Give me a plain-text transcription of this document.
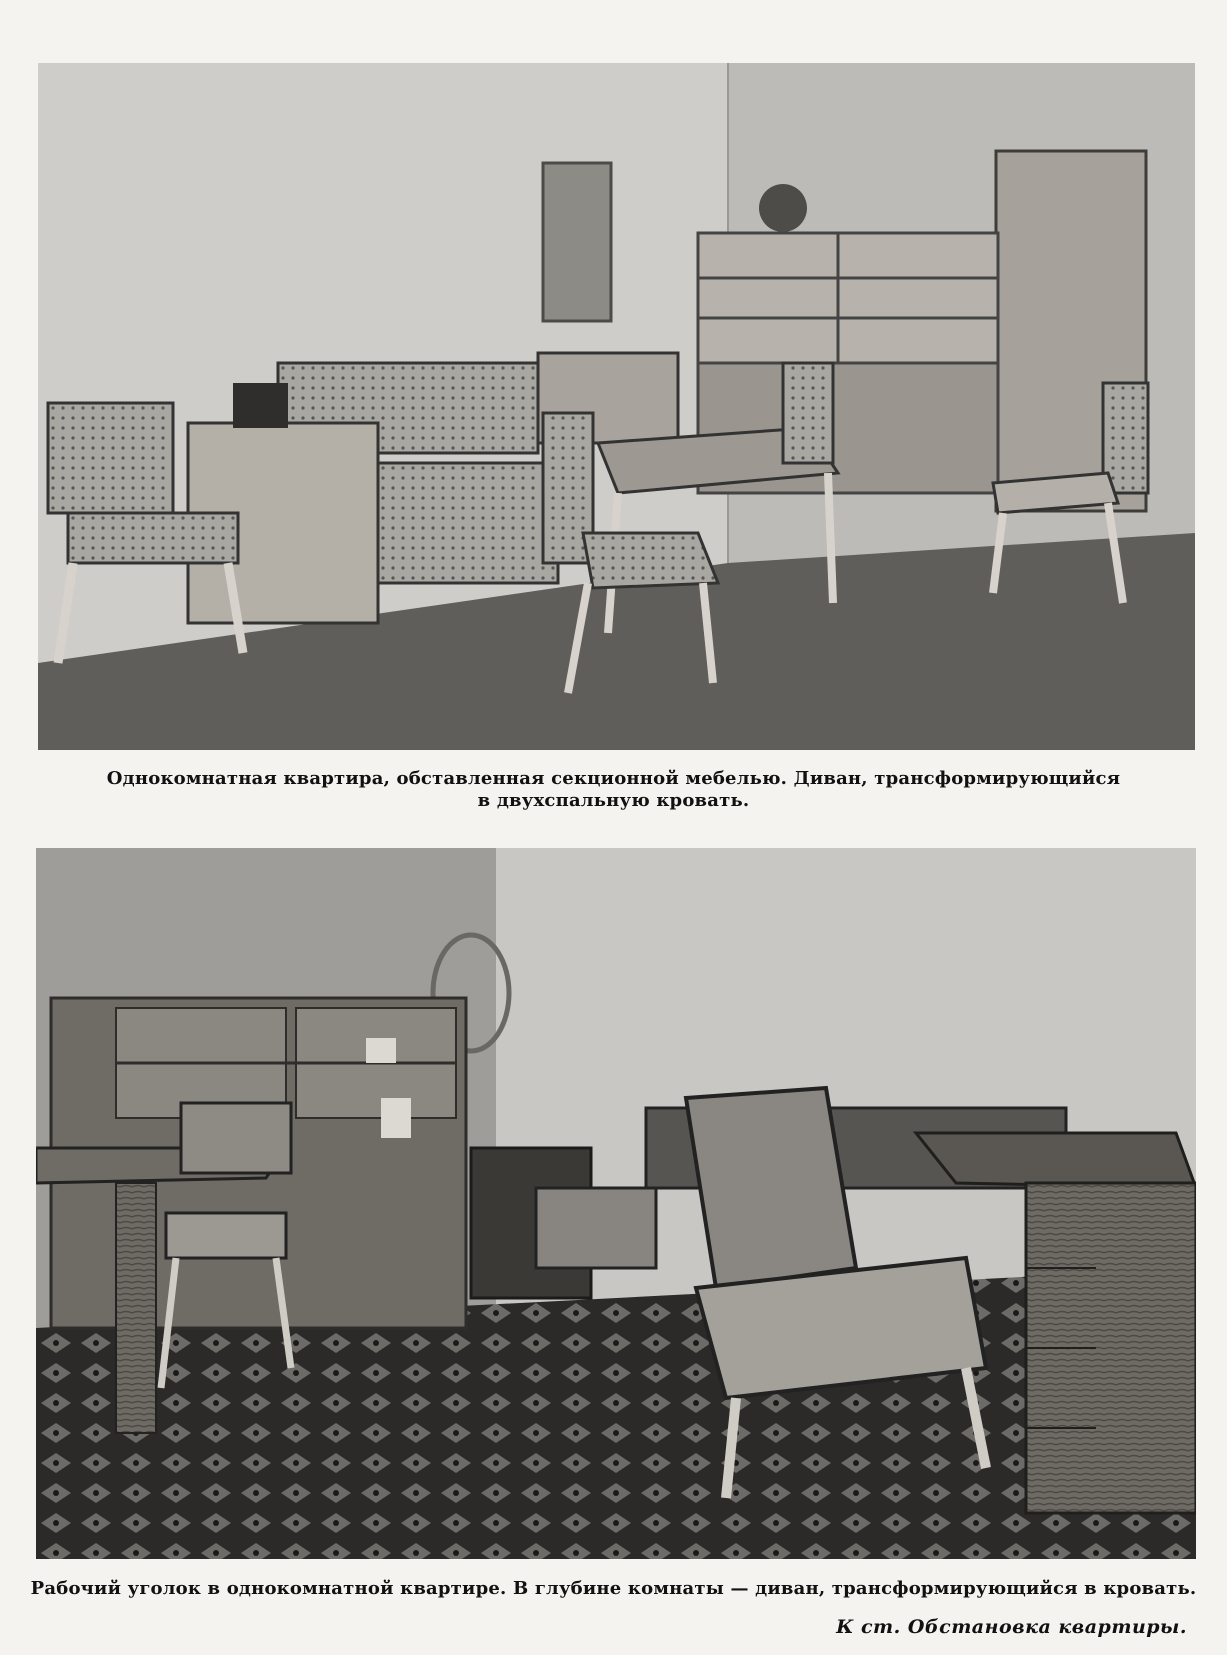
Однокомнатная квартира, обставленная секционной мебелью. Диван, трансформирующийся
в двухспальную кровать.
Рабочий уголок в однокомнатной квартире. В глубине комнаты — диван, трансформирующийся в кровать.
К ст. Обстановка квартиры.
